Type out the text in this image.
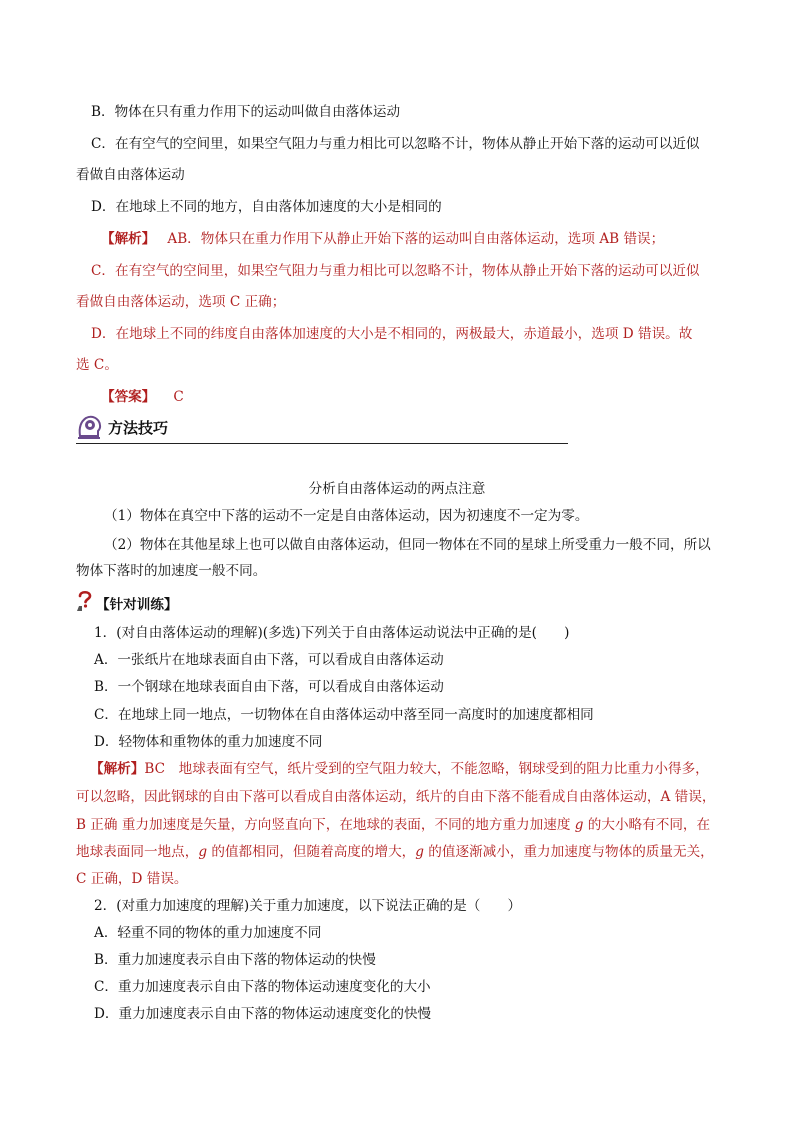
B．物体在只有重力作用下的运动叫做自由落体运动
C．在有空气的空间里，如果空气阻力与重力相比可以忽略不计，物体从静止开始下落的运动可以近似
看做自由落体运动
D．在地球上不同的地方，自由落体加速度的大小是相同的
【解析】 AB．物体只在重力作用下从静止开始下落的运动叫自由落体运动，选项 AB 错误；
C．在有空气的空间里，如果空气阻力与重力相比可以忽略不计，物体从静止开始下落的运动可以近似
看做自由落体运动，选项 C 正确；
D．在地球上不同的纬度自由落体加速度的大小是不相同的，两极最大，赤道最小，选项 D 错误。故
选 C。
【答案】 C
方法技巧
分析自由落体运动的两点注意
（1）物体在真空中下落的运动不一定是自由落体运动，因为初速度不一定为零。
（2）物体在其他星球上也可以做自由落体运动，但同一物体在不同的星球上所受重力一般不同，所以
物体下落时的加速度一般不同。
【针对训练】
1．(对自由落体运动的理解)(多选)下列关于自由落体运动说法中正确的是(　　)
A．一张纸片在地球表面自由下落，可以看成自由落体运动
B．一个钢球在地球表面自由下落，可以看成自由落体运动
C．在地球上同一地点，一切物体在自由落体运动中落至同一高度时的加速度都相同
D．轻物体和重物体的重力加速度不同
【解析】BC　地球表面有空气，纸片受到的空气阻力较大，不能忽略，钢球受到的阻力比重力小得多，
可以忽略，因此钢球的自由下落可以看成自由落体运动，纸片的自由下落不能看成自由落体运动，A 错误，
B 正确 重力加速度是矢量，方向竖直向下，在地球的表面，不同的地方重力加速度 g 的大小略有不同，在
地球表面同一地点，g 的值都相同，但随着高度的增大，g 的值逐渐减小，重力加速度与物体的质量无关，
C 正确，D 错误。
2．(对重力加速度的理解)关于重力加速度，以下说法正确的是（　　）
A．轻重不同的物体的重力加速度不同
B．重力加速度表示自由下落的物体运动的快慢
C．重力加速度表示自由下落的物体运动速度变化的大小
D．重力加速度表示自由下落的物体运动速度变化的快慢
